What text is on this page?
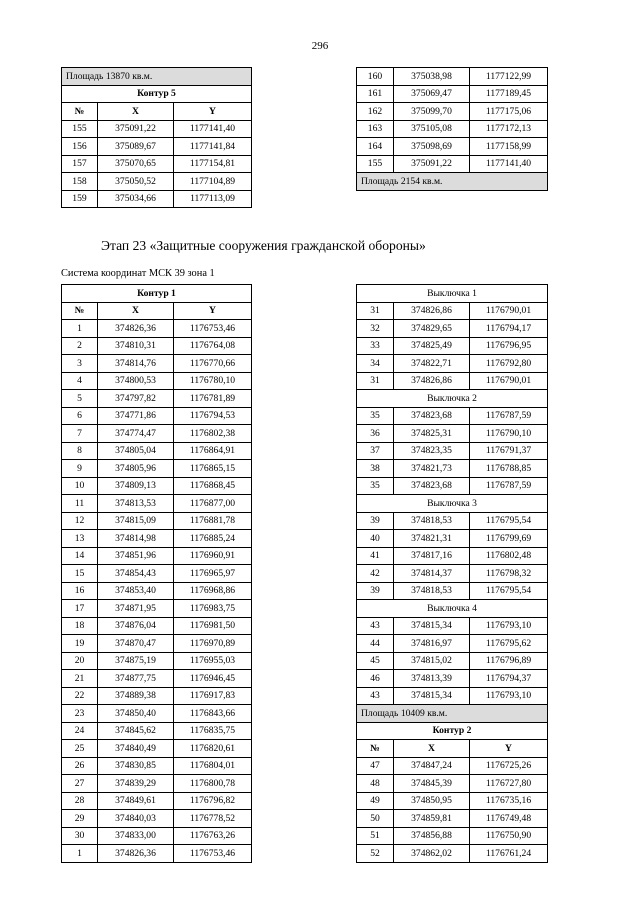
296
Площадь 13870 кв.м.		
Контур 5		
№	X	Y
155	375091,22	1177141,40
156	375089,67	1177141,84
157	375070,65	1177154,81
158	375050,52	1177104,89
159	375034,66	1177113,09
160	375038,98	1177122,99
161	375069,47	1177189,45
162	375099,70	1177175,06
163	375105,08	1177172,13
164	375098,69	1177158,99
155	375091,22	1177141,40
Площадь 2154 кв.м.		
Этап 23 «Защитные сооружения гражданской обороны»
Система координат МСК 39 зона 1
Контур 1		
№	X	Y
1	374826,36	1176753,46
2	374810,31	1176764,08
3	374814,76	1176770,66
4	374800,53	1176780,10
5	374797,82	1176781,89
6	374771,86	1176794,53
7	374774,47	1176802,38
8	374805,04	1176864,91
9	374805,96	1176865,15
10	374809,13	1176868,45
11	374813,53	1176877,00
12	374815,09	1176881,78
13	374814,98	1176885,24
14	374851,96	1176960,91
15	374854,43	1176965,97
16	374853,40	1176968,86
17	374871,95	1176983,75
18	374876,04	1176981,50
19	374870,47	1176970,89
20	374875,19	1176955,03
21	374877,75	1176946,45
22	374889,38	1176917,83
23	374850,40	1176843,66
24	374845,62	1176835,75
25	374840,49	1176820,61
26	374830,85	1176804,01
27	374839,29	1176800,78
28	374849,61	1176796,82
29	374840,03	1176778,52
30	374833,00	1176763,26
1	374826,36	1176753,46
Выключка 1		
31	374826,86	1176790,01
32	374829,65	1176794,17
33	374825,49	1176796,95
34	374822,71	1176792,80
31	374826,86	1176790,01
Выключка 2		
35	374823,68	1176787,59
36	374825,31	1176790,10
37	374823,35	1176791,37
38	374821,73	1176788,85
35	374823,68	1176787,59
Выключка 3		
39	374818,53	1176795,54
40	374821,31	1176799,69
41	374817,16	1176802,48
42	374814,37	1176798,32
39	374818,53	1176795,54
Выключка 4		
43	374815,34	1176793,10
44	374816,97	1176795,62
45	374815,02	1176796,89
46	374813,39	1176794,37
43	374815,34	1176793,10
Площадь 10409 кв.м.		
Контур 2		
№	X	Y
47	374847,24	1176725,26
48	374845,39	1176727,80
49	374850,95	1176735,16
50	374859,81	1176749,48
51	374856,88	1176750,90
52	374862,02	1176761,24
